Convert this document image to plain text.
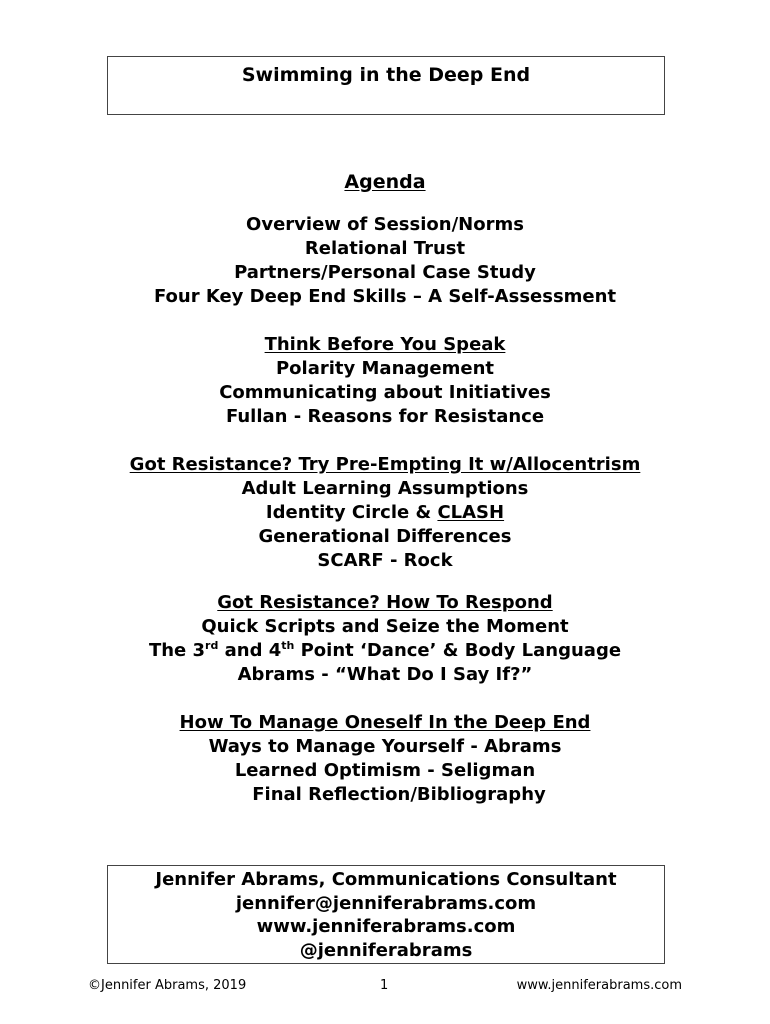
Swimming in the Deep End
Agenda
Overview of Session/Norms
Relational Trust
Partners/Personal Case Study
Four Key Deep End Skills – A Self-Assessment
Think Before You Speak
Polarity Management
Communicating about Initiatives
Fullan - Reasons for Resistance
Got Resistance? Try Pre-Empting It w/Allocentrism
Adult Learning Assumptions
Identity Circle & CLASH
Generational Differences
SCARF - Rock
Got Resistance? How To Respond
Quick Scripts and Seize the Moment
The 3rd and 4th Point ‘Dance’ & Body Language
Abrams - “What Do I Say If?”
How To Manage Oneself In the Deep End
Ways to Manage Yourself - Abrams
Learned Optimism - Seligman
Final Reflection/Bibliography
Jennifer Abrams, Communications Consultant
jennifer@jenniferabrams.com
www.jenniferabrams.com
@jenniferabrams
©Jennifer Abrams, 2019	1	www.jenniferabrams.com
